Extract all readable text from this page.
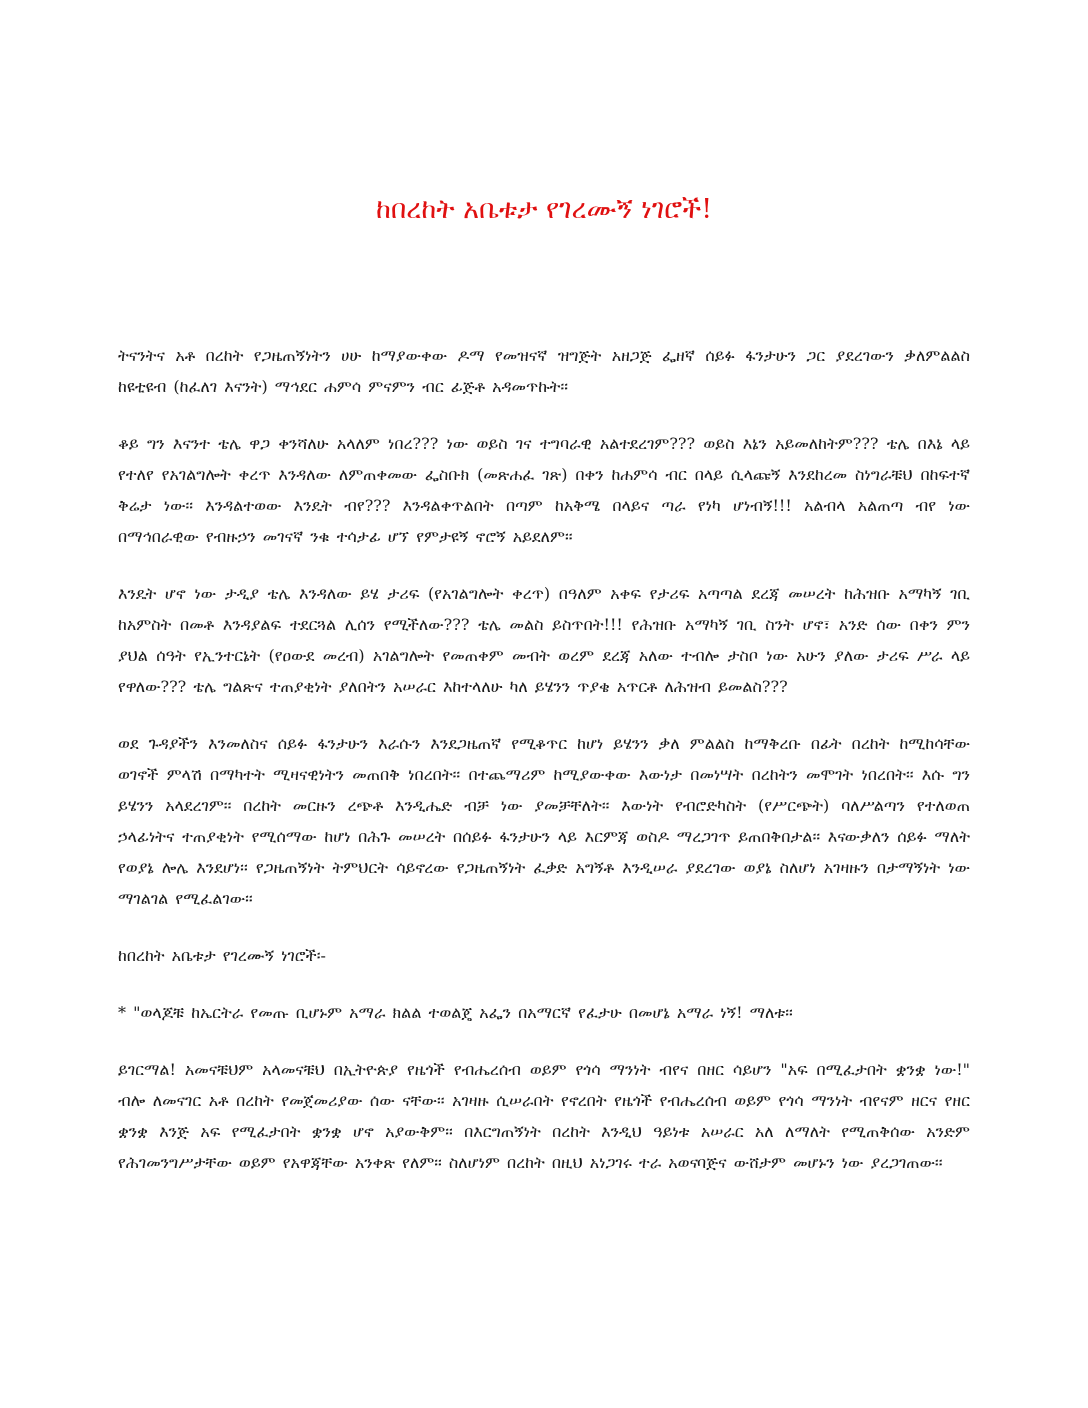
ከበረከት አቤቱታ የገረሙኝ ነገሮች!

ትናንትና አቶ በረከት የጋዜጠኝነትን ሀሁ ከማያውቀው ዶማ የመዝናኛ ዝግጅት አዘጋጅ ፌዘኛ ሰይፉ ፋንታሁን ጋር ያደረገውን ቃለምልልስ ከዩቲዩብ (ከፈለገ እናንት) ማኅደር ሐምሳ ምናምን ብር ፊጅቶ አዳመጥኩት፡፡

ቆይ ግን እናንተ ቴሌ ዋጋ ቀንሻለሁ አላለም ነበረ??? ነው ወይስ ገና ተግባራዊ አልተደረገም??? ወይስ እኔን አይመለከትም??? ቴሌ በእኔ ላይ የተለየ የአገልግሎት ቀረጥ እንዳለው ለምጠቀመው ፌስቡክ (መጽሐፈ ገጽ) በቀን ከሐምሳ ብር በላይ ሲላጩኝ እንደከረመ ስነግራቹህ በከፍተኛ ቅሬታ ነው፡፡ እንዳልተወው እንዴት ብየ??? እንዳልቀጥልበት በጣም ከአቅሜ በላይና ጣራ የነካ ሆነብኝ!!! አልብላ አልጠጣ ብየ ነው በማኅበራዊው የብዙኃን መገናኛ ንቁ ተሳታፊ ሆኘ የምታዩኝ ኖሮኝ አይደለም፡፡

እንዴት ሆኖ ነው ታዲያ ቴሌ እንዳለው ይሄ ታሪፍ (የአገልግሎት ቀረጥ) በዓለም አቀፍ የታሪፍ አጣጣል ደረጃ መሠረት ከሕዝቡ አማካኝ ገቢ ከአምስት በመቶ እንዳያልፍ ተደርጓል ሊሰን የሚችለው??? ቴሌ መልስ ይስጥበት!!! የሕዝቡ አማካኝ ገቢ ስንት ሆኖ፣ አንድ ሰው በቀን ምን ያህል ሰዓት የኢንተርኔት (የዐውደ መረብ) አገልግሎት የመጠቀም መብት ወረም ደረጃ አለው ተብሎ ታስቦ ነው አሁን ያለው ታሪፍ ሥራ ላይ የዋለው??? ቴሌ ግልጽና ተጠያቂነት ያለበትን አሠራር እከተላለሁ ካለ ይሄንን ጥያቄ አጥርቶ ለሕዝብ ይመልስ???

ወደ ጉዳያችን እንመለስና ሰይፉ ፋንታሁን እራሱን እንደጋዜጠኛ የሚቆጥር ከሆነ ይሄንን ቃለ ምልልስ ከማቅረቡ በፊት በረከት ከሚከሳቸው ወገኖች ምላሽ በማካተት ሚዛናዊነትን መጠበቅ ነበረበት፡፡ በተጨማሪም ከሚያውቀው እውነታ በመነሣት በረከትን መሞገት ነበረበት፡፡ እሱ ግን ይሄንን አላደረገም፡፡ በረከት መርዙን ረጭቶ እንዲሔድ ብቻ ነው ያመቻቸለት፡፡ እውነት የብሮድካስት (የሥርጭት) ባለሥልጣን የተለወጠ ኃላፊነትና ተጠያቂነት የሚሰማው ከሆነ በሕጉ መሠረት በሰይፉ ፋንታሁን ላይ እርምጃ ወስዶ ማረጋገጥ ይጠበቅበታል፡፡ እናውቃለን ሰይፉ ማለት የወያኔ ሎሌ እንደሆነ፡፡ የጋዜጠኝነት ትምህርት ሳይኖረው የጋዜጠኝነት ፈቃድ አግኝቶ እንዲሠራ ያደረገው ወያኔ ስለሆነ አገዛዙን በታማኝነት ነው ማገልገል የሚፈልገው፡፡

ከበረከት አቤቱታ የገረሙኝ ነገሮች፡-

* "ወላጆቹ ከኤርትራ የመጡ ቢሆኑም አማራ ክልል ተወልጄ አፌን በአማርኛ የፈታሁ በመሆኔ አማራ ነኝ! ማለቱ፡፡

ይገርማል! አመናቹህም አላመናቹህ በኢትዮጵያ የዜጎች የብሔረሰብ ወይም የጎሳ ማንነት ብየና በዘር ሳይሆን "አፍ በሚፈታበት ቋንቋ ነው!" ብሎ ለመናገር አቶ በረከት የመጀመሪያው ሰው ናቸው፡፡ አገዛዙ ሲሠራበት የኖረበት የዜጎች የብሔረሰብ ወይም የጎሳ ማንነት ብየናም ዘርና የዘር ቋንቋ እንጅ አፍ የሚፈታበት ቋንቋ ሆኖ አያውቅም፡፡ በእርግጠኝነት በረከት እንዲህ ዓይነቱ አሠራር አለ ለማለት የሚጠቅሰው አንድም የሕገመንግሥታቸው ወይም የአዋጃቸው አንቀጽ የለም፡፡ ስለሆነም በረከት በዚህ አነጋገሩ ተራ አወናባጅና ውሸታም መሆኑን ነው ያረጋገጠው፡፡
